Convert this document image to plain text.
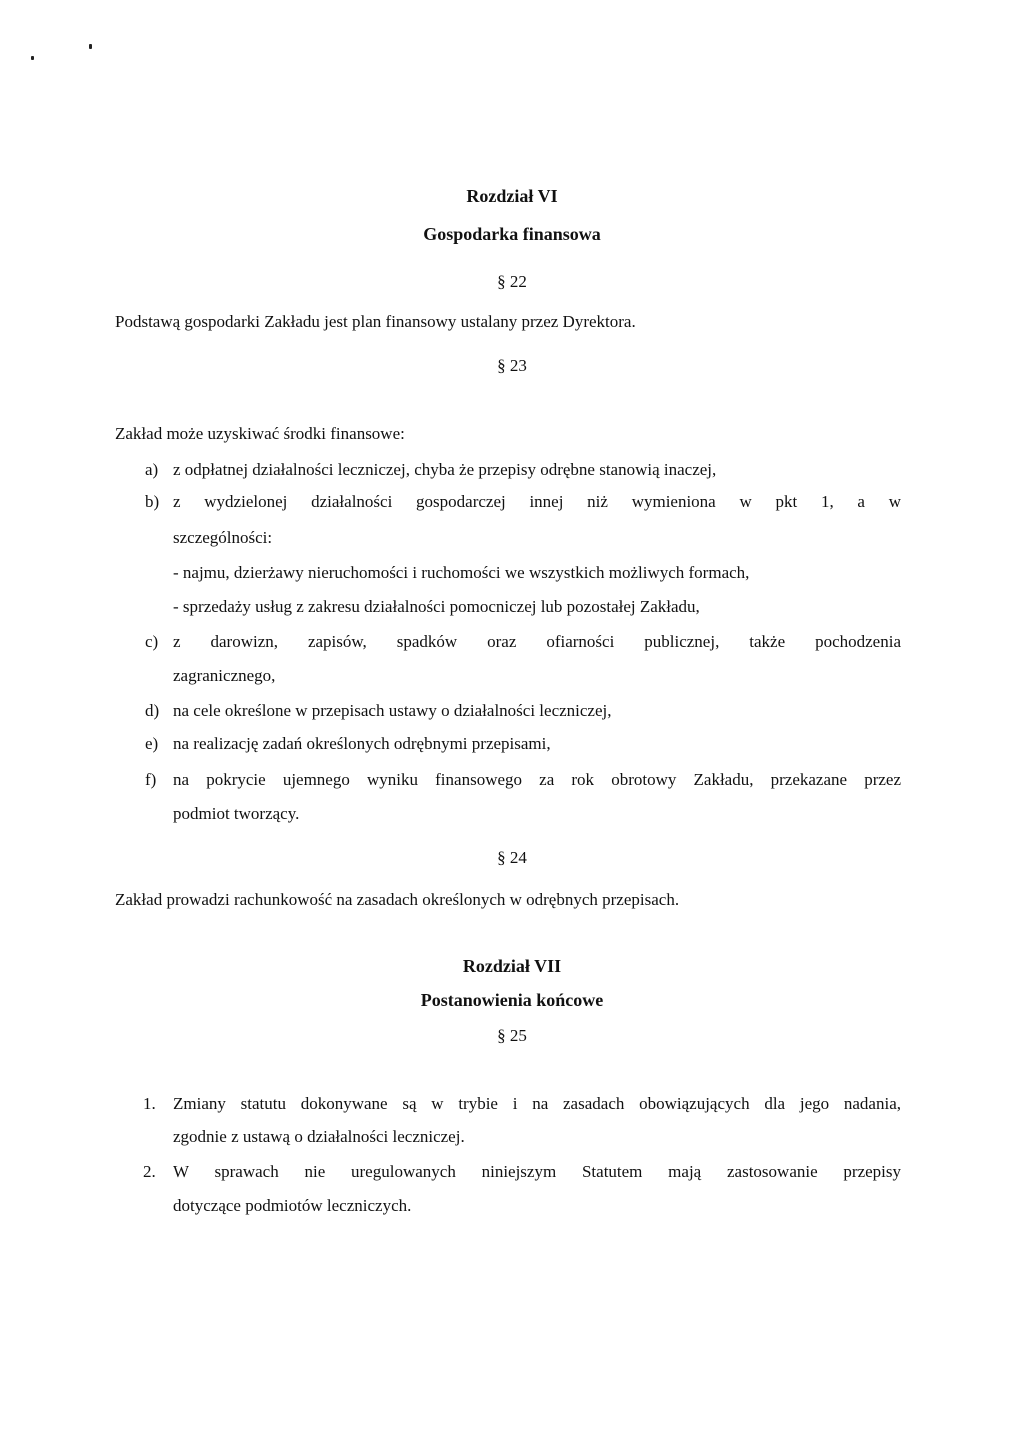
Rozdział VI
Gospodarka finansowa
§ 22
Podstawą gospodarki Zakładu jest plan finansowy ustalany przez Dyrektora.
§ 23
Zakład może uzyskiwać środki finansowe:
a) z odpłatnej działalności leczniczej, chyba że przepisy odrębne stanowią inaczej,
b) z wydzielonej działalności gospodarczej innej niż wymieniona w pkt 1, a w
szczególności:
- najmu, dzierżawy nieruchomości i ruchomości we wszystkich możliwych formach,
- sprzedaży usług z zakresu działalności pomocniczej lub pozostałej Zakładu,
c) z darowizn, zapisów, spadków oraz ofiarności publicznej, także pochodzenia
zagranicznego,
d) na cele określone w przepisach ustawy o działalności leczniczej,
e) na realizację zadań określonych odrębnymi przepisami,
f) na pokrycie ujemnego wyniku finansowego za rok obrotowy Zakładu, przekazane przez
podmiot tworzący.
§ 24
Zakład prowadzi rachunkowość na zasadach określonych w odrębnych przepisach.
Rozdział VII
Postanowienia końcowe
§ 25
1. Zmiany statutu dokonywane są w trybie i na zasadach obowiązujących dla jego nadania,
zgodnie z ustawą o działalności leczniczej.
2. W sprawach nie uregulowanych niniejszym Statutem mają zastosowanie przepisy
dotyczące podmiotów leczniczych.
